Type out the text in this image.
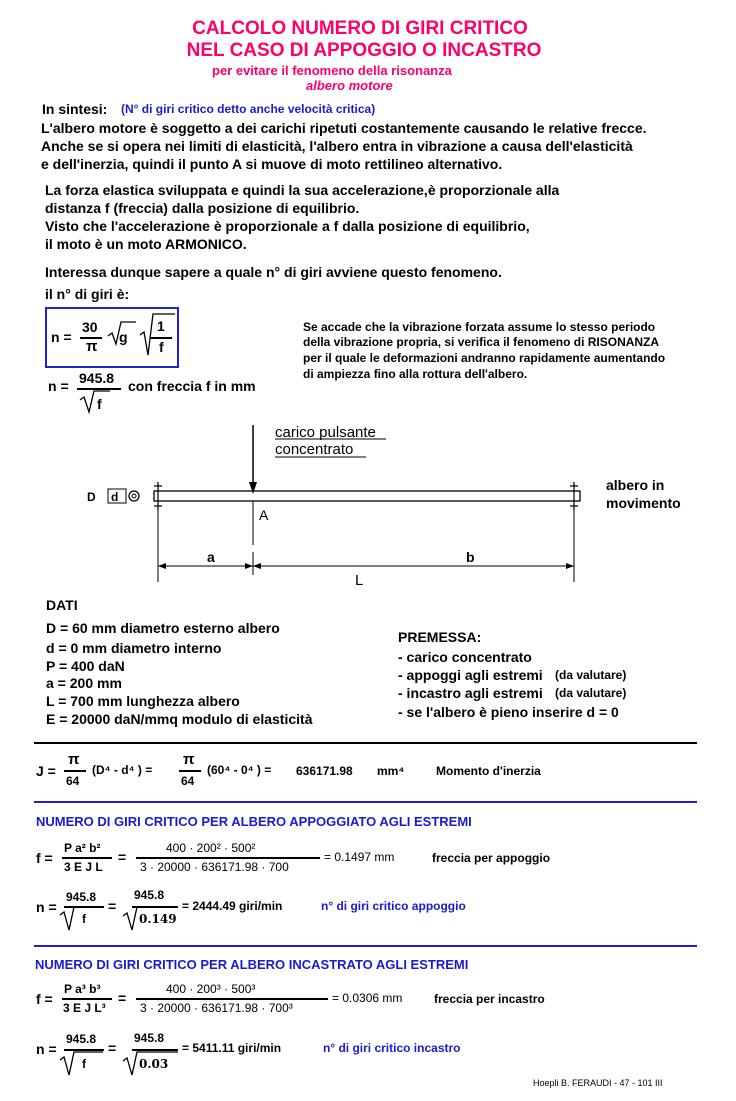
CALCOLO NUMERO DI GIRI CRITICO
NEL CASO DI APPOGGIO O INCASTRO
per evitare il fenomeno della risonanza
albero motore
In sintesi: (N° di giri critico detto anche velocità critica)
L'albero motore è soggetto a dei carichi ripetuti costantemente causando le relative frecce.
Anche se si opera nei limiti di elasticità, l'albero entra in vibrazione a causa dell'elasticità
e dell'inerzia, quindi il punto A si muove di moto rettilineo alternativo.
La forza elastica sviluppata e quindi la sua accelerazione,è proporzionale alla
distanza f (freccia) dalla posizione di equilibrio.
Visto che l'accelerazione è proporzionale a f dalla posizione di equilibrio,
il moto è un moto ARMONICO.
Interessa dunque sapere a quale n° di giri avviene questo fenomeno.
il n° di giri è:
n =
30
π
g
1
f
n = 945.8
f
con freccia f in mm
Se accade che la vibrazione forzata assume lo stesso periodo
della vibrazione propria, si verifica il fenomeno di RISONANZA
per il quale le deformazioni andranno rapidamente aumentando
di ampiezza fino alla rottura dell'albero.
carico pulsante
concentrato
albero in
movimento
D d
A
a	b
L
DATI
D = 60 mm diametro esterno albero
d = 0 mm diametro interno
P = 400 daN
a = 200 mm
L = 700 mm lunghezza albero
E = 20000 daN/mmq modulo di elasticità
PREMESSA:
- carico concentrato
- appoggi agli estremi (da valutare)
- incastro agli estremi (da valutare)
- se l'albero è pieno inserire d = 0
J =
π
64
(D⁴ - d⁴ ) =
π
64
(60⁴ - 0⁴ ) = 636171.98 mm⁴	Momento d'inerzia
NUMERO DI GIRI CRITICO PER ALBERO APPOGGIATO AGLI ESTREMI
f =
P a² b²
3 E J L
=
400 · 200² · 500²
3 · 20000 · 636171.98 · 700
= 0.1497 mm	freccia per appoggio
n =
945.8
f
=
945.8
0.149
= 2444.49 giri/min	n° di giri critico appoggio
NUMERO DI GIRI CRITICO PER ALBERO INCASTRATO AGLI ESTREMI
f =
P a³ b³
3 E J L³
=
400 · 200³ · 500³
3 · 20000 · 636171.98 · 700³
= 0.0306 mm	freccia per incastro
n =
945.8
f
=
945.8
0.03
= 5411.11 giri/min	n° di giri critico incastro
Hoepli B. FERAUDI - 47 - 101 III
